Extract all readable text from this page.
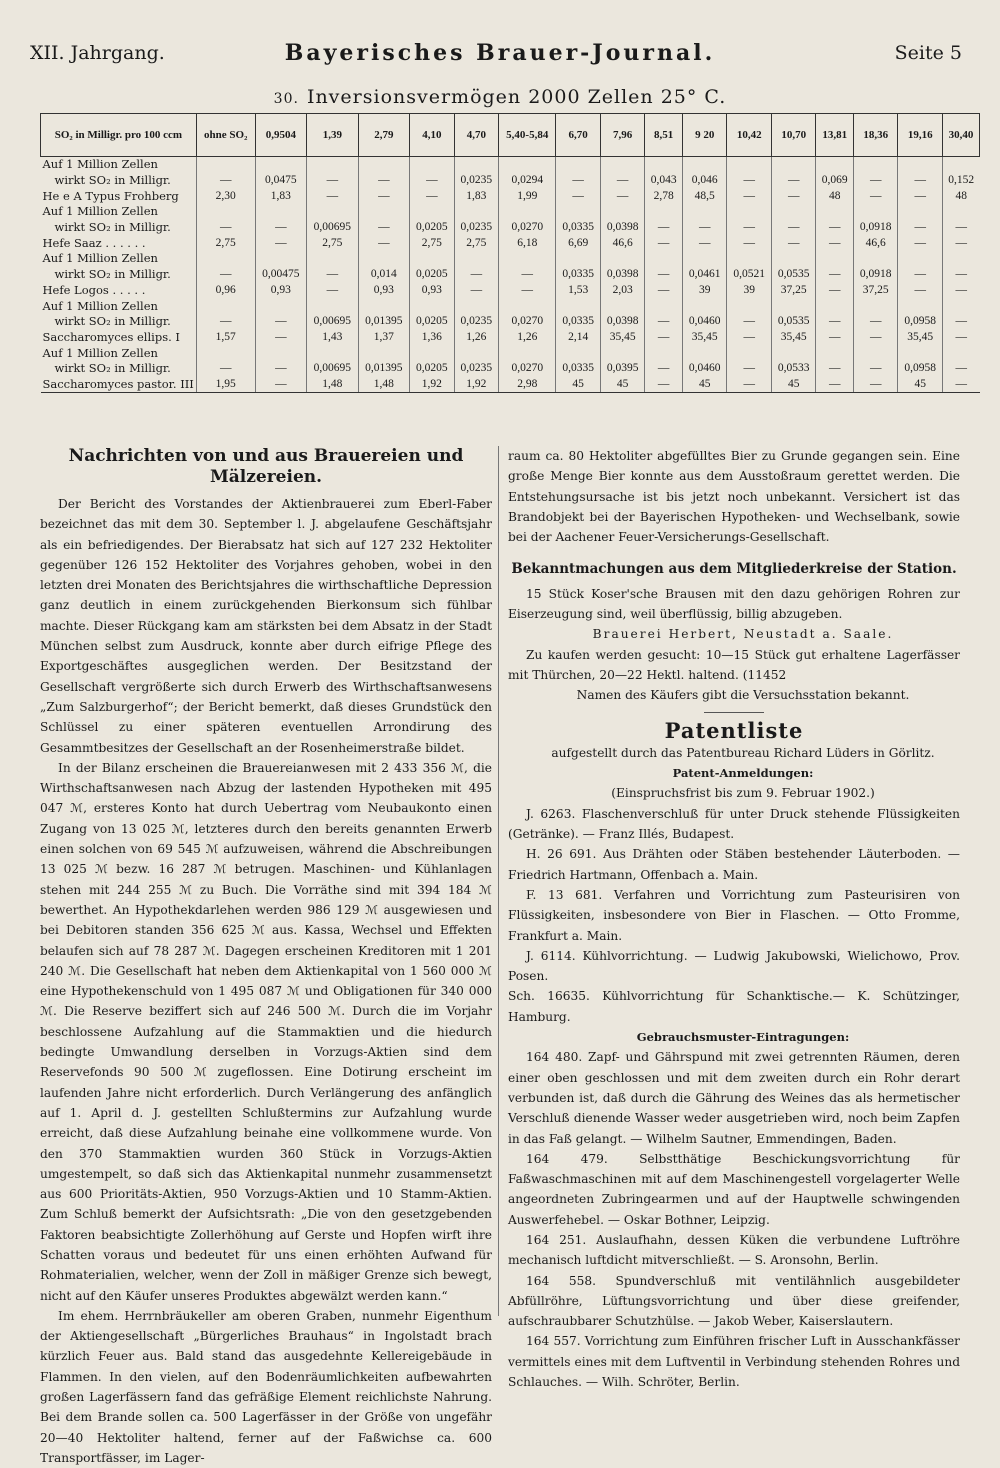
XII. Jahrgang.	Bayerisches Brauer-Journal.	Seite 5
30. Inversionsvermögen 2000 Zellen 25° C.
SO₂ in Milligr. pro 100 ccm	ohne SO₂	0,9504	1,39	2,79	4,10	4,70	5,40-5,84	6,70	7,96	8,51	9 20	10,42	10,70	13,81	18,36	19,16	30,40
Auf 1 Million Zellen																	
wirkt SO₂ in Milligr.	—	0,0475	—	—	—	0,0235	0,0294	—	—	0,043	0,046	—	—	0,069	—	—	0,152
He e A Typus Frohberg	2,30	1,83	—	—	—	1,83	1,99	—	—	2,78	48,5	—	—	48	—	—	48
Auf 1 Million Zellen																	
wirkt SO₂ in Milligr.	—	—	0,00695	—	0,0205	0,0235	0,0270	0,0335	0,0398	—	—	—	—	—	0,0918	—	—
Hefe Saaz . . . . . .	2,75	—	2,75	—	2,75	2,75	6,18	6,69	46,6	—	—	—	—	—	46,6	—	—
Auf 1 Million Zellen																	
wirkt SO₂ in Milligr.	—	0,00475	—	0,014	0,0205	—	—	0,0335	0,0398	—	0,0461	0,0521	0,0535	—	0,0918	—	—
Hefe Logos . . . . .	0,96	0,93	—	0,93	0,93	—	—	1,53	2,03	—	39	39	37,25	—	37,25	—	—
Auf 1 Million Zellen																	
wirkt SO₂ in Milligr.	—	—	0,00695	0,01395	0,0205	0,0235	0,0270	0,0335	0,0398	—	0,0460	—	0,0535	—	—	0,0958	—
Saccharomyces ellips. I	1,57	—	1,43	1,37	1,36	1,26	1,26	2,14	35,45	—	35,45	—	35,45	—	—	35,45	—
Auf 1 Million Zellen																	
wirkt SO₂ in Milligr.	—	—	0,00695	0,01395	0,0205	0,0235	0,0270	0,0335	0,0395	—	0,0460	—	0,0533	—	—	0,0958	—
Saccharomyces pastor. III	1,95	—	1,48	1,48	1,92	1,92	2,98	45	45	—	45	—	45	—	—	45	—
Nachrichten von und aus Brauereien und Mälzereien.

Der Bericht des Vorstandes der Aktienbrauerei zum Eberl-Faber bezeichnet das mit dem 30. September l. J. abgelaufene Geschäftsjahr als ein befriedigendes. Der Bierabsatz hat sich auf 127 232 Hektoliter gegenüber 126 152 Hektoliter des Vorjahres gehoben, wobei in den letzten drei Monaten des Berichtsjahres die wirthschaftliche Depression ganz deutlich in einem zurückgehenden Bierkonsum sich fühlbar machte. Dieser Rückgang kam am stärksten bei dem Absatz in der Stadt München selbst zum Ausdruck, konnte aber durch eifrige Pflege des Exportgeschäftes ausgeglichen werden. Der Besitzstand der Gesellschaft vergrößerte sich durch Erwerb des Wirthschaftsanwesens „Zum Salzburgerhof“; der Bericht bemerkt, daß dieses Grundstück den Schlüssel zu einer späteren eventuellen Arrondirung des Gesammtbesitzes der Gesellschaft an der Rosenheimerstraße bildet.

In der Bilanz erscheinen die Brauereianwesen mit 2 433 356 ℳ, die Wirthschaftsanwesen nach Abzug der lastenden Hypotheken mit 495 047 ℳ, ersteres Konto hat durch Uebertrag vom Neubaukonto einen Zugang von 13 025 ℳ, letzteres durch den bereits genannten Erwerb einen solchen von 69 545 ℳ aufzuweisen, während die Abschreibungen 13 025 ℳ bezw. 16 287 ℳ betrugen. Maschinen- und Kühlanlagen stehen mit 244 255 ℳ zu Buch. Die Vorräthe sind mit 394 184 ℳ bewerthet. An Hypothekdarlehen werden 986 129 ℳ ausgewiesen und bei Debitoren standen 356 625 ℳ aus. Kassa, Wechsel und Effekten belaufen sich auf 78 287 ℳ. Dagegen erscheinen Kreditoren mit 1 201 240 ℳ. Die Gesellschaft hat neben dem Aktienkapital von 1 560 000 ℳ eine Hypothekenschuld von 1 495 087 ℳ und Obligationen für 340 000 ℳ. Die Reserve beziffert sich auf 246 500 ℳ. Durch die im Vorjahr beschlossene Aufzahlung auf die Stammaktien und die hiedurch bedingte Umwandlung derselben in Vorzugs-Aktien sind dem Reservefonds 90 500 ℳ zugeflossen. Eine Dotirung erscheint im laufenden Jahre nicht erforderlich. Durch Verlängerung des anfänglich auf 1. April d. J. gestellten Schlußtermins zur Aufzahlung wurde erreicht, daß diese Aufzahlung beinahe eine vollkommene wurde. Von den 370 Stammaktien wurden 360 Stück in Vorzugs-Aktien umgestempelt, so daß sich das Aktienkapital nunmehr zusammensetzt aus 600 Prioritäts-Aktien, 950 Vorzugs-Aktien und 10 Stamm-Aktien. Zum Schluß bemerkt der Aufsichtsrath: „Die von den gesetzgebenden Faktoren beabsichtigte Zollerhöhung auf Gerste und Hopfen wirft ihre Schatten voraus und bedeutet für uns einen erhöhten Aufwand für Rohmaterialien, welcher, wenn der Zoll in mäßiger Grenze sich bewegt, nicht auf den Käufer unseres Produktes abgewälzt werden kann.“

Im ehem. Herrnbräukeller am oberen Graben, nunmehr Eigenthum der Aktiengesellschaft „Bürgerliches Brauhaus“ in Ingolstadt brach kürzlich Feuer aus. Bald stand das ausgedehnte Kellereigebäude in Flammen. In den vielen, auf den Bodenräumlichkeiten aufbewahrten großen Lagerfässern fand das gefräßige Element reichlichste Nahrung. Bei dem Brande sollen ca. 500 Lagerfässer in der Größe von ungefähr 20—40 Hektoliter haltend, ferner auf der Faßwichse ca. 600 Transportfässer, im Lager-

raum ca. 80 Hektoliter abgefülltes Bier zu Grunde gegangen sein. Eine große Menge Bier konnte aus dem Ausstoßraum gerettet werden. Die Entstehungsursache ist bis jetzt noch unbekannt. Versichert ist das Brandobjekt bei der Bayerischen Hypotheken- und Wechselbank, sowie bei der Aachener Feuer-Versicherungs-Gesellschaft.

Bekanntmachungen aus dem Mitgliederkreise der Station.

15 Stück Koser'sche Brausen mit den dazu gehörigen Rohren zur Eiserzeugung sind, weil überflüssig, billig abzugeben.

Brauerei Herbert, Neustadt a. Saale.

Zu kaufen werden gesucht: 10—15 Stück gut erhaltene Lagerfässer mit Thürchen, 20—22 Hektl. haltend. (11452

Namen des Käufers gibt die Versuchsstation bekannt.

Patentliste

aufgestellt durch das Patentbureau Richard Lüders in Görlitz.

Patent-Anmeldungen:

(Einspruchsfrist bis zum 9. Februar 1902.)

J. 6263. Flaschenverschluß für unter Druck stehende Flüssigkeiten (Getränke). — Franz Illés, Budapest.

H. 26 691. Aus Drähten oder Stäben bestehender Läuterboden. — Friedrich Hartmann, Offenbach a. Main.

F. 13 681. Verfahren und Vorrichtung zum Pasteurisiren von Flüssigkeiten, insbesondere von Bier in Flaschen. — Otto Fromme, Frankfurt a. Main.

J. 6114. Kühlvorrichtung. — Ludwig Jakubowski, Wielichowo, Prov. Posen.

Sch. 16635. Kühlvorrichtung für Schanktische.— K. Schützinger, Hamburg.

Gebrauchsmuster-Eintragungen:

164 480. Zapf- und Gährspund mit zwei getrennten Räumen, deren einer oben geschlossen und mit dem zweiten durch ein Rohr derart verbunden ist, daß durch die Gährung des Weines das als hermetischer Verschluß dienende Wasser weder ausgetrieben wird, noch beim Zapfen in das Faß gelangt. — Wilhelm Sautner, Emmendingen, Baden.

164 479. Selbstthätige Beschickungsvorrichtung für Faßwaschmaschinen mit auf dem Maschinengestell vorgelagerter Welle angeordneten Zubringearmen und auf der Hauptwelle schwingenden Auswerfehebel. — Oskar Bothner, Leipzig.

164 251. Auslaufhahn, dessen Küken die verbundene Luftröhre mechanisch luftdicht mitverschließt. — S. Aronsohn, Berlin.

164 558. Spundverschluß mit ventilähnlich ausgebildeter Abfüllröhre, Lüftungsvorrichtung und über diese greifender, aufschraubbarer Schutzhülse. — Jakob Weber, Kaiserslautern.

164 557. Vorrichtung zum Einführen frischer Luft in Ausschankfässer vermittels eines mit dem Luftventil in Verbindung stehenden Rohres und Schlauches. — Wilh. Schröter, Berlin.
